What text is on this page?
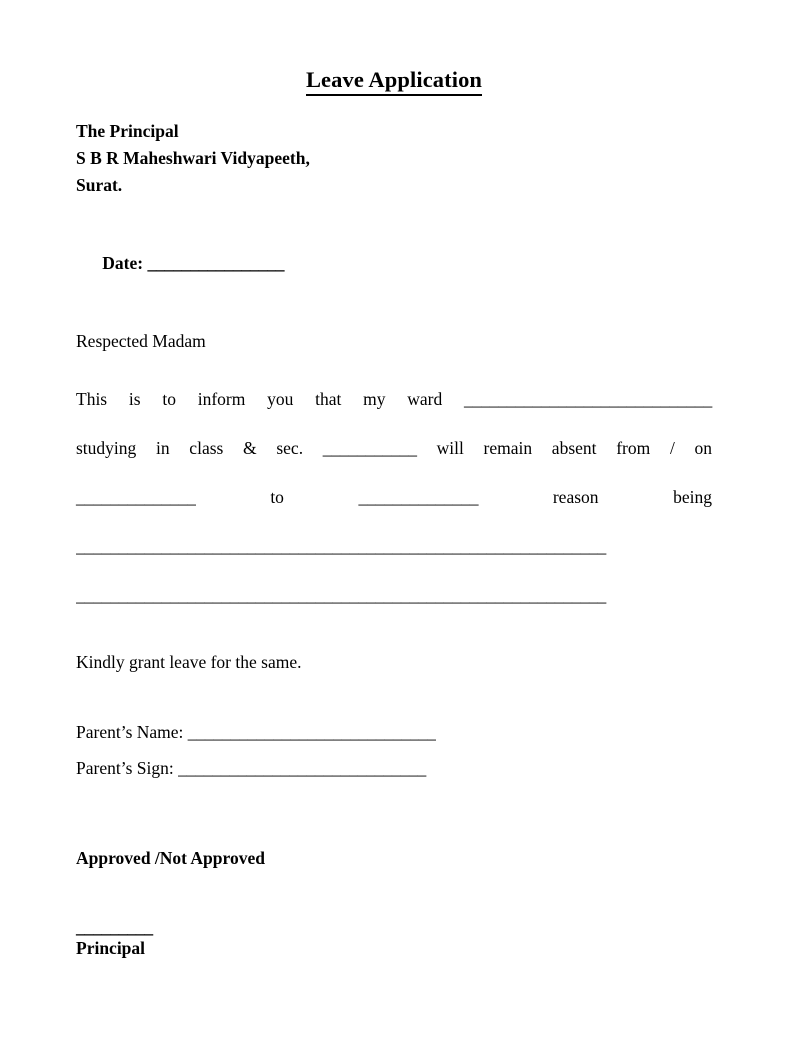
Leave Application
The Principal
S B R Maheshwari Vidyapeeth,
Surat.

Date: ________________

Respected Madam
This is to inform you that my ward _____________________________
studying in class & sec. ___________ will remain absent from / on
______________	to	______________	reason	being
______________________________________________________________
______________________________________________________________
Kindly grant leave for the same.
Parent’s Name: _____________________________
Parent’s Sign: _____________________________
Approved /Not Approved
_________
Principal
